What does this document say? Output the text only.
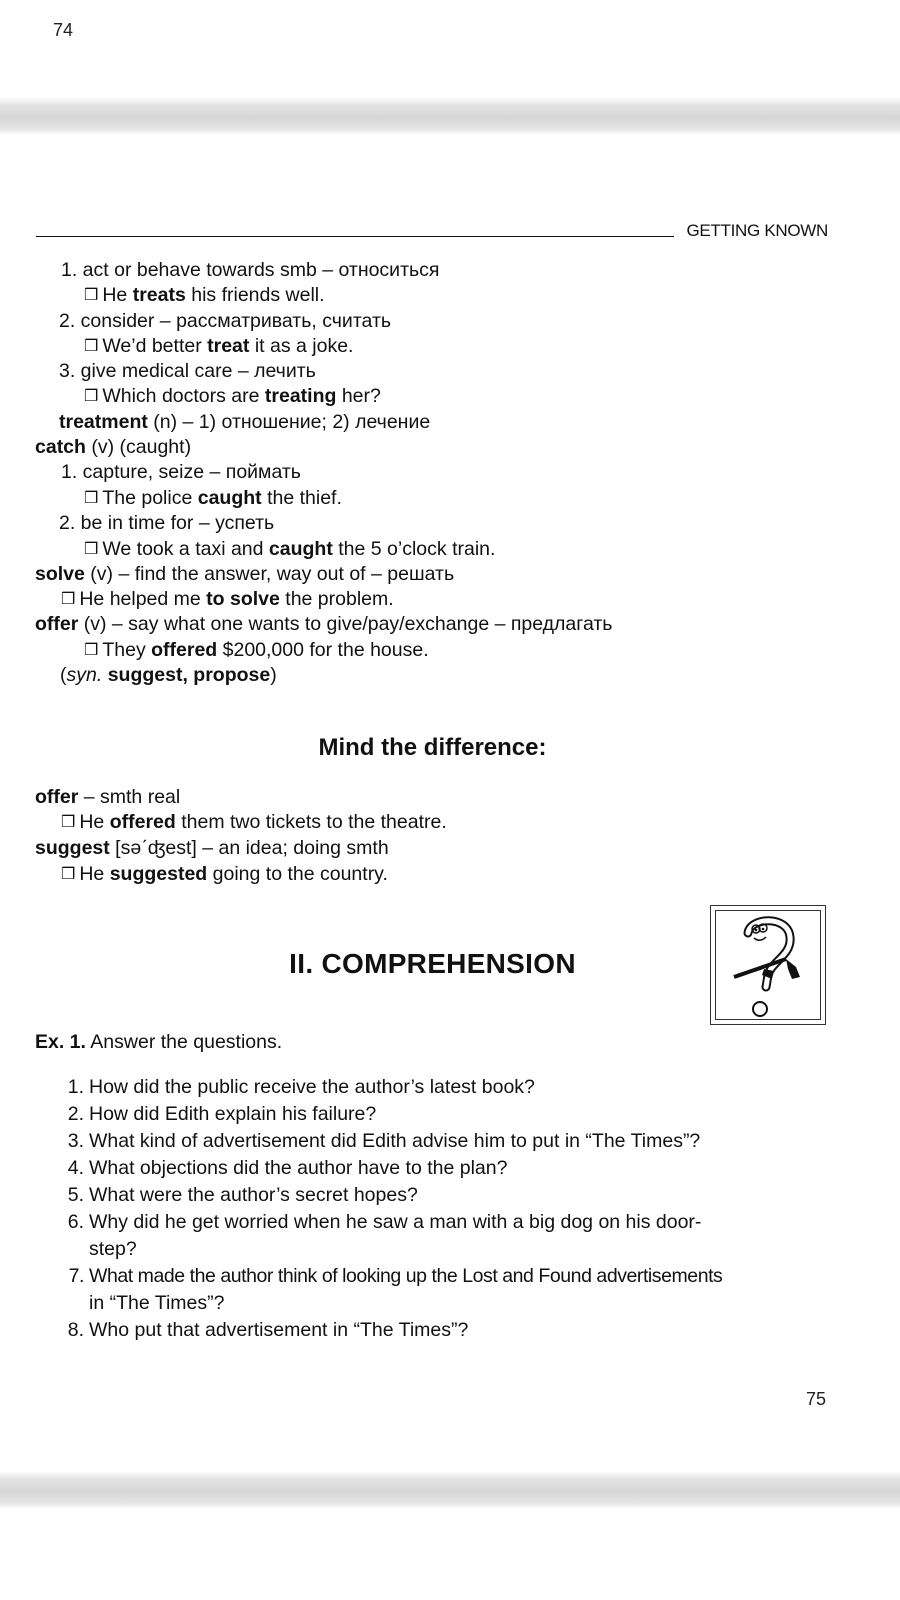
74
GETTING KNOWN
1. act or behave towards smb – относиться
❒ He treats his friends well.
2. consider – рассматривать, считать
❒ We’d better treat it as a joke.
3. give medical care – лечить
❒ Which doctors are treating her?
treatment (n) – 1) отношение; 2) лечение
catch (v) (caught)
1. capture, seize – поймать
❒ The police caught the thief.
2. be in time for – успеть
❒ We took a taxi and caught the 5 o’clock train.
solve (v) – find the answer, way out of – решать
❒ He helped me to solve the problem.
offer (v) – say what one wants to give/pay/exchange – предлагать
❒ They offered $200,000 for the house.
(syn. suggest, propose)
Mind the difference:
offer – smth real
❒ He offered them two tickets to the theatre.
suggest [səˊʤest] – an idea; doing smth
❒ He suggested going to the country.
II. COMPREHENSION
Ex. 1. Answer the questions.
1. How did the public receive the author’s latest book?
2. How did Edith explain his failure?
3. What kind of advertisement did Edith advise him to put in “The Times”?
4. What objections did the author have to the plan?
5. What were the author’s secret hopes?
6. Why did he get worried when he saw a man with a big dog on his door-
step?
7. What made the author think of looking up the Lost and Found advertisements
in “The Times”?
8. Who put that advertisement in “The Times”?
75
